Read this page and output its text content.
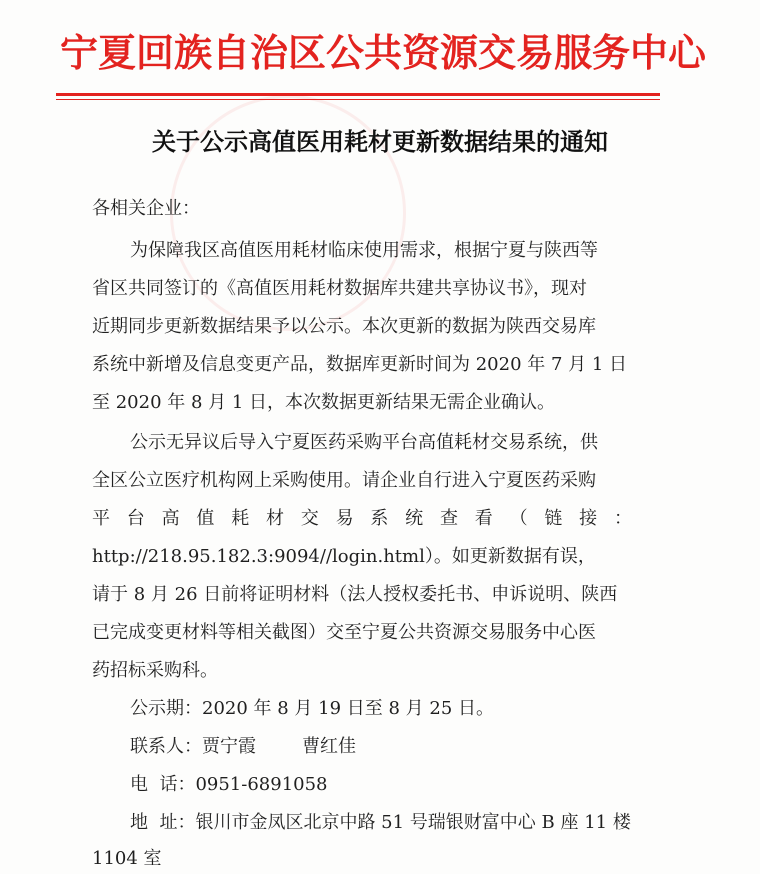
宁夏回族自治区公共资源交易服务中心
关于公示高值医用耗材更新数据结果的通知
各相关企业：
为保障我区高值医用耗材临床使用需求，根据宁夏与陕西等
省区共同签订的《高值医用耗材数据库共建共享协议书》，现对
近期同步更新数据结果予以公示。本次更新的数据为陕西交易库
系统中新增及信息变更产品，数据库更新时间为 2020 年 7 月 1 日
至 2020 年 8 月 1 日，本次数据更新结果无需企业确认。
公示无异议后导入宁夏医药采购平台高值耗材交易系统，供
全区公立医疗机构网上采购使用。请企业自行进入宁夏医药采购
平 台 高 值 耗 材 交 易 系 统 查 看 （ 链 接 ：
http://218.95.182.3:9094//login.html）。如更新数据有误，
请于 8 月 26 日前将证明材料（法人授权委托书、申诉说明、陕西
已完成变更材料等相关截图）交至宁夏公共资源交易服务中心医
药招标采购科。
公示期：2020 年 8 月 19 日至 8 月 25 日。
联系人：贾宁霞	曹红佳
电  话：0951-6891058
地  址：银川市金凤区北京中路 51 号瑞银财富中心 B 座 11 楼
1104 室
